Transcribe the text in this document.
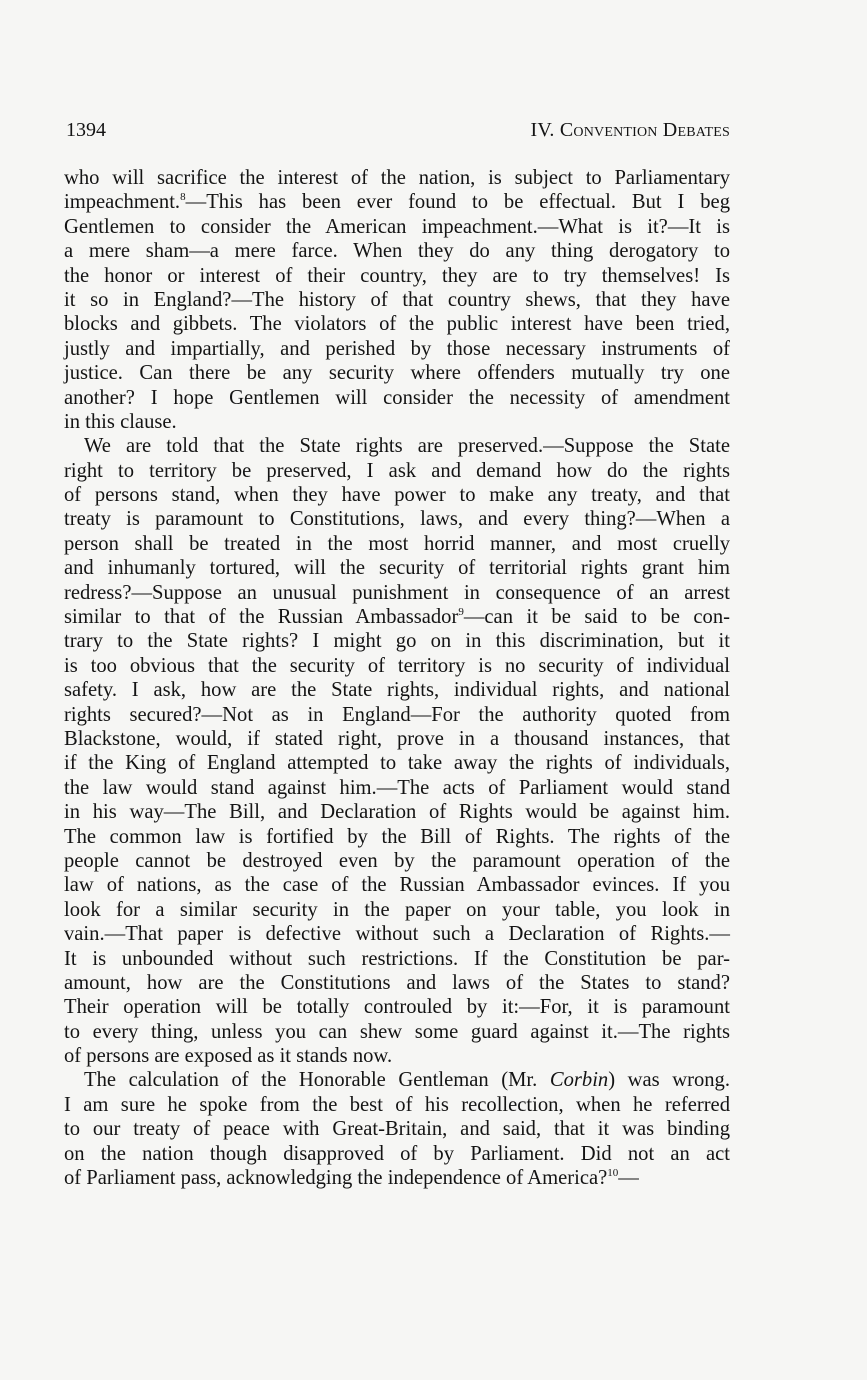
1394	IV. Convention Debates
who will sacrifice the interest of the nation, is subject to Parliamentary
impeachment.$^8$—This has been ever found to be effectual. But I beg
Gentlemen to consider the American impeachment.—What is it?—It is
a mere sham—a mere farce. When they do any thing derogatory to
the honor or interest of their country, they are to try themselves! Is
it so in England?—The history of that country shews, that they have
blocks and gibbets. The violators of the public interest have been tried,
justly and impartially, and perished by those necessary instruments of
justice. Can there be any security where offenders mutually try one
another? I hope Gentlemen will consider the necessity of amendment
in this clause.
We are told that the State rights are preserved.—Suppose the State
right to territory be preserved, I ask and demand how do the rights
of persons stand, when they have power to make any treaty, and that
treaty is paramount to Constitutions, laws, and every thing?—When a
person shall be treated in the most horrid manner, and most cruelly
and inhumanly tortured, will the security of territorial rights grant him
redress?—Suppose an unusual punishment in consequence of an arrest
similar to that of the Russian Ambassador$^9$—can it be said to be con-
trary to the State rights? I might go on in this discrimination, but it
is too obvious that the security of territory is no security of individual
safety. I ask, how are the State rights, individual rights, and national
rights secured?—Not as in England—For the authority quoted from
Blackstone, would, if stated right, prove in a thousand instances, that
if the King of England attempted to take away the rights of individuals,
the law would stand against him.—The acts of Parliament would stand
in his way—The Bill, and Declaration of Rights would be against him.
The common law is fortified by the Bill of Rights. The rights of the
people cannot be destroyed even by the paramount operation of the
law of nations, as the case of the Russian Ambassador evinces. If you
look for a similar security in the paper on your table, you look in
vain.—That paper is defective without such a Declaration of Rights.—
It is unbounded without such restrictions. If the Constitution be par-
amount, how are the Constitutions and laws of the States to stand?
Their operation will be totally controuled by it:—For, it is paramount
to every thing, unless you can shew some guard against it.—The rights
of persons are exposed as it stands now.
The calculation of the Honorable Gentleman (Mr. Corbin) was wrong.
I am sure he spoke from the best of his recollection, when he referred
to our treaty of peace with Great-Britain, and said, that it was binding
on the nation though disapproved of by Parliament. Did not an act
of Parliament pass, acknowledging the independence of America?$^{10}$—
